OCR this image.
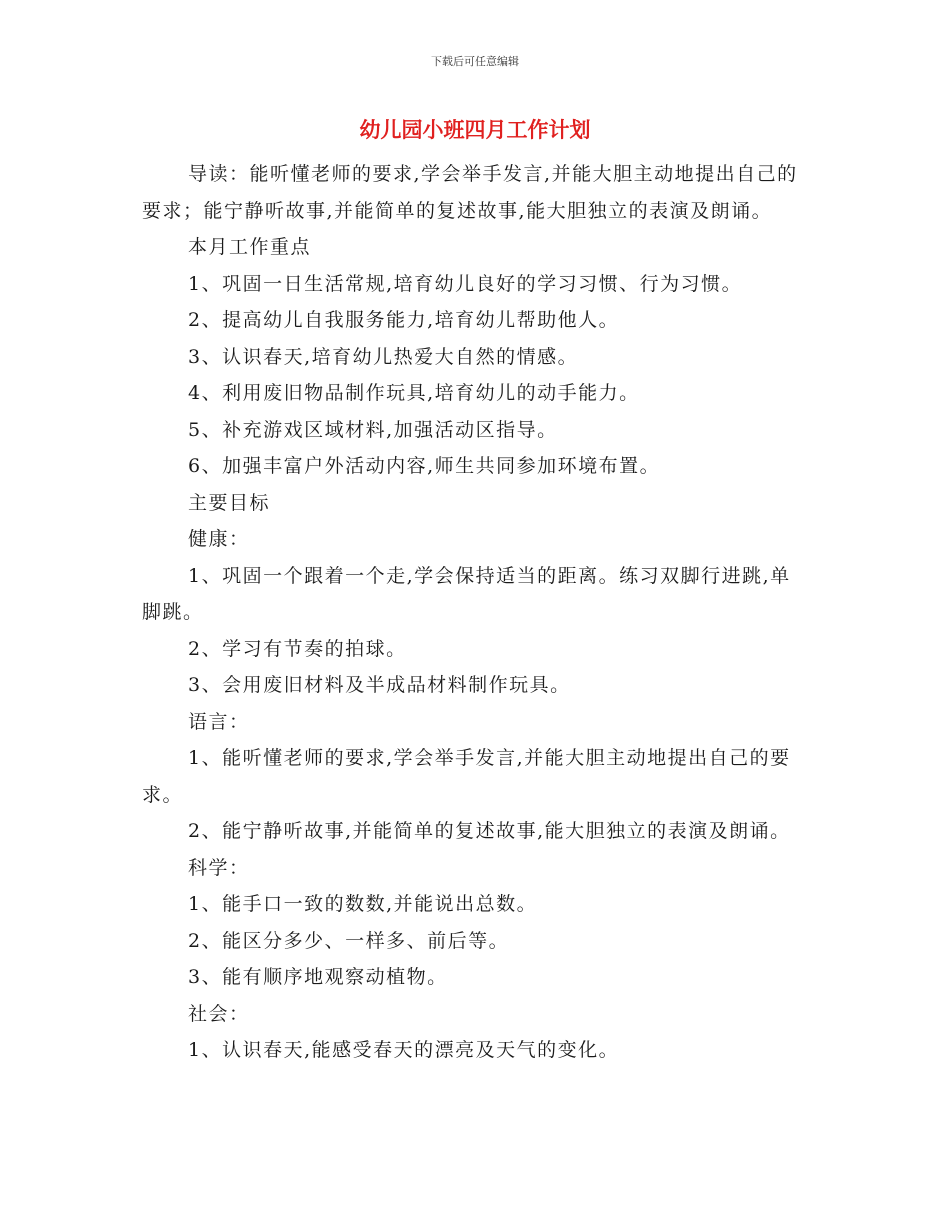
下载后可任意编辑
幼儿园小班四月工作计划

导读：能听懂老师的要求,学会举手发言,并能大胆主动地提出自己的要求；能宁静听故事,并能简单的复述故事,能大胆独立的表演及朗诵。

本月工作重点

1、巩固一日生活常规,培育幼儿良好的学习习惯、行为习惯。

2、提高幼儿自我服务能力,培育幼儿帮助他人。

3、认识春天,培育幼儿热爱大自然的情感。

4、利用废旧物品制作玩具,培育幼儿的动手能力。

5、补充游戏区域材料,加强活动区指导。

6、加强丰富户外活动内容,师生共同参加环境布置。

主要目标

健康：

1、巩固一个跟着一个走,学会保持适当的距离。练习双脚行进跳,单脚跳。

2、学习有节奏的拍球。

3、会用废旧材料及半成品材料制作玩具。

语言：

1、能听懂老师的要求,学会举手发言,并能大胆主动地提出自己的要求。

2、能宁静听故事,并能简单的复述故事,能大胆独立的表演及朗诵。

科学：

1、能手口一致的数数,并能说出总数。

2、能区分多少、一样多、前后等。

3、能有顺序地观察动植物。

社会：

1、认识春天,能感受春天的漂亮及天气的变化。
